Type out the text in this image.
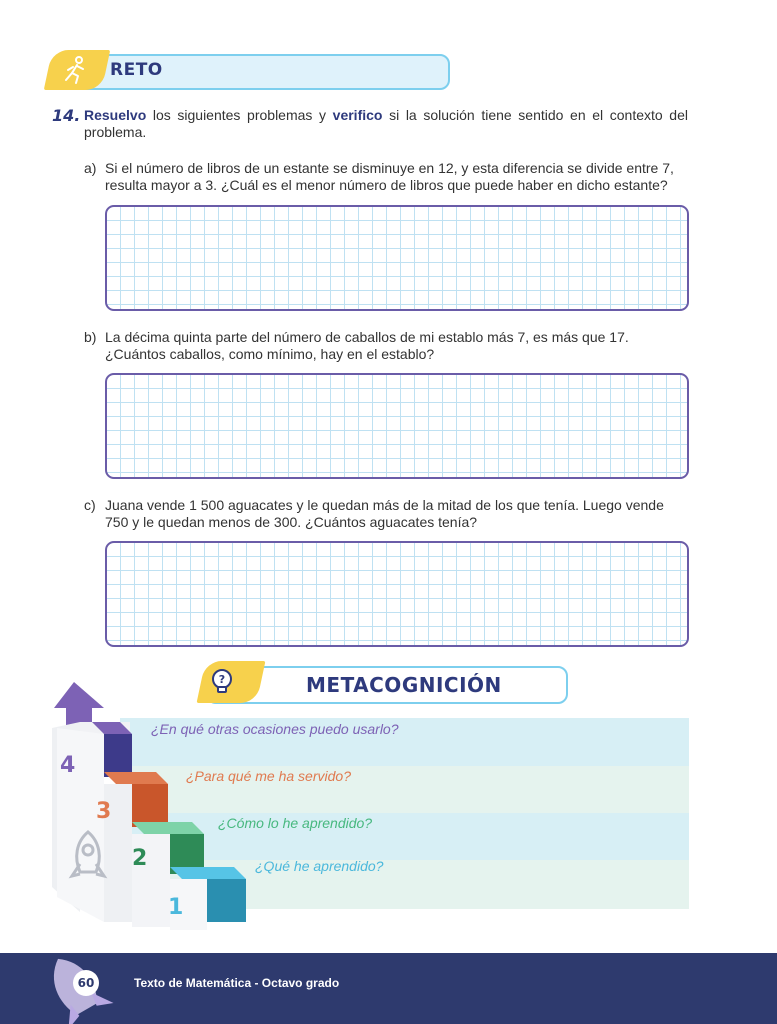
RETO
14. Resuelvo los siguientes problemas y verifico si la solución tiene sentido en el contexto del problema.
a) Si el número de libros de un estante se disminuye en 12, y esta diferencia se divide entre 7, resulta mayor a 3. ¿Cuál es el menor número de libros que puede haber en dicho estante?
b) La décima quinta parte del número de caballos de mi establo más 7, es más que 17. ¿Cuántos caballos, como mínimo, hay en el establo?
c) Juana vende 1 500 aguacates y le quedan más de la mitad de los que tenía. Luego vende 750 y le quedan menos de 300. ¿Cuántos aguacates tenía?
?	METACOGNICIÓN
¿En qué otras ocasiones puedo usarlo?
¿Para qué me ha servido?
¿Cómo lo he aprendido?
¿Qué he aprendido?
4
3
2
1
60	Texto de Matemática - Octavo grado
